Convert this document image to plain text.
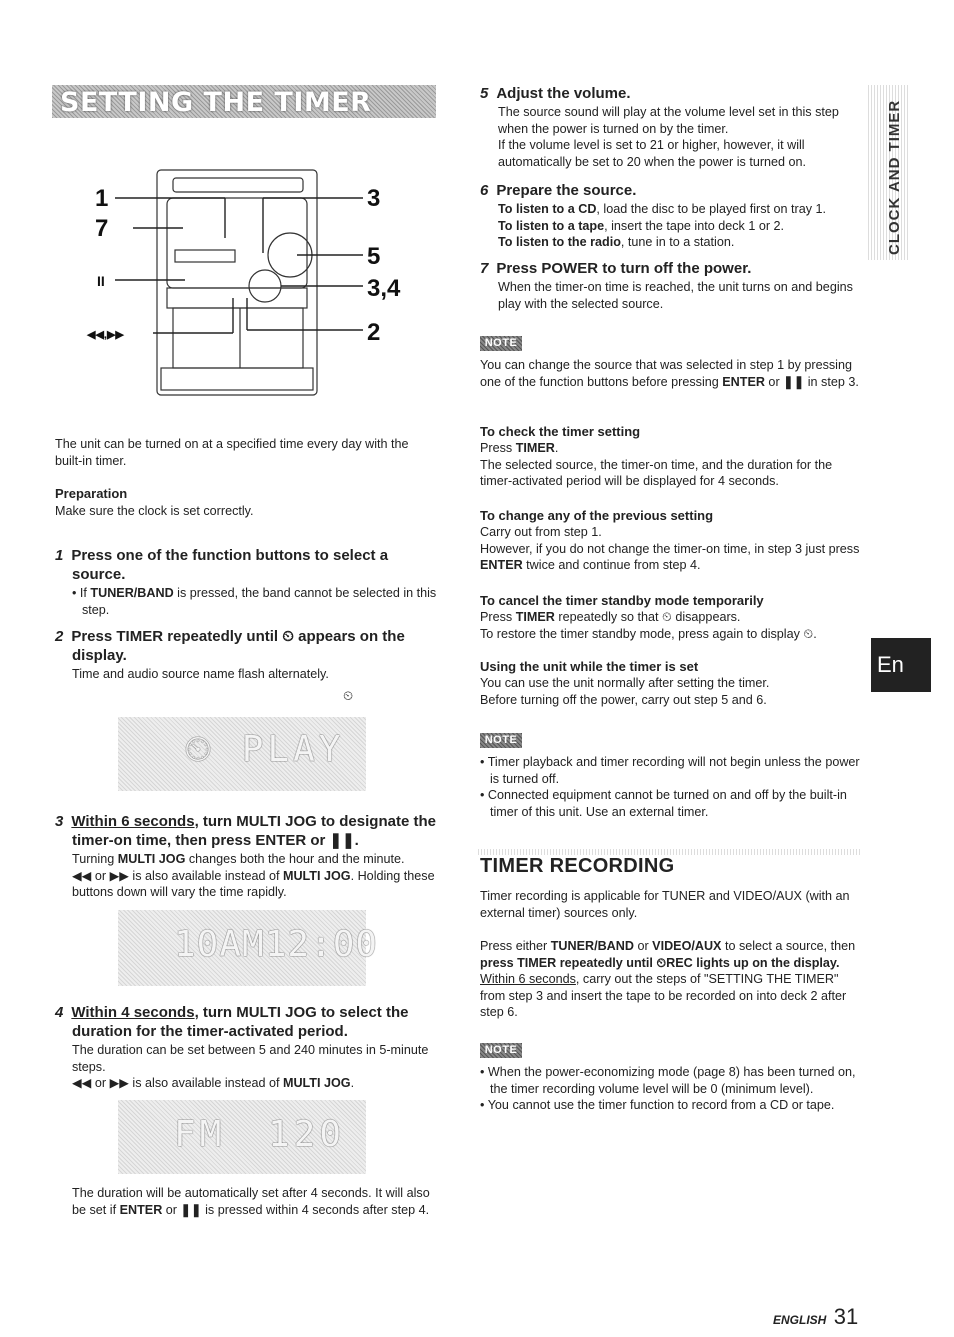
SETTING THE TIMER
1
7
II
◀◀,▶▶
3
5
3,4
2

The unit can be turned on at a specified time every day with the built-in timer.

Preparation

Make sure the clock is set correctly.

1 Press one of the function buttons to select a source.

• If TUNER/BAND is pressed, the band cannot be selected in this step.

2 Press TIMER repeatedly until ⏲ appears on the display.

Time and audio source name flash alternately.

⏲
⏲ PLAY
3 Within 6 seconds, turn MULTI JOG to designate the timer-on time, then press ENTER or ❚❚.

Turning MULTI JOG changes both the hour and the minute.

◀◀ or ▶▶ is also available instead of MULTI JOG. Holding these buttons down will vary the time rapidly.

10AM12:00
4 Within 4 seconds, turn MULTI JOG to select the duration for the timer-activated period.

The duration can be set between 5 and 240 minutes in 5-minute steps.

◀◀ or ▶▶ is also available instead of MULTI JOG.

FM 120

The duration will be automatically set after 4 seconds. It will also be set if ENTER or ❚❚ is pressed within 4 seconds after step 4.

5 Adjust the volume.

The source sound will play at the volume level set in this step when the power is turned on by the timer.

If the volume level is set to 21 or higher, however, it will automatically be set to 20 when the power is turned on.

6 Prepare the source.

To listen to a CD, load the disc to be played first on tray 1.

To listen to a tape, insert the tape into deck 1 or 2.

To listen to the radio, tune in to a station.

7 Press POWER to turn off the power.

When the timer-on time is reached, the unit turns on and begins play with the selected source.

NOTE

You can change the source that was selected in step 1 by pressing one of the function buttons before pressing ENTER or ❚❚ in step 3.

To check the timer setting

Press TIMER.

The selected source, the timer-on time, and the duration for the timer-activated period will be displayed for 4 seconds.

To change any of the previous setting

Carry out from step 1.

However, if you do not change the timer-on time, in step 3 just press ENTER twice and continue from step 4.

To cancel the timer standby mode temporarily

Press TIMER repeatedly so that ⏲ disappears.

To restore the timer standby mode, press again to display ⏲.

Using the unit while the timer is set

You can use the unit normally after setting the timer.

Before turning off the power, carry out step 5 and 6.

NOTE

• Timer playback and timer recording will not begin unless the power is turned off.

• Connected equipment cannot be turned on and off by the built-in timer of this unit. Use an external timer.

TIMER RECORDING

Timer recording is applicable for TUNER and VIDEO/AUX (with an external timer) sources only.

Press either TUNER/BAND or VIDEO/AUX to select a source, then press TIMER repeatedly until ⏲REC lights up on the display. Within 6 seconds, carry out the steps of "SETTING THE TIMER" from step 3 and insert the tape to be recorded on into deck 2 after step 6.

NOTE

• When the power-economizing mode (page 8) has been turned on, the timer recording volume level will be 0 (minimum level).

• You cannot use the timer function to record from a CD or tape.

CLOCK AND TIMER
En
ENGLISH 31
